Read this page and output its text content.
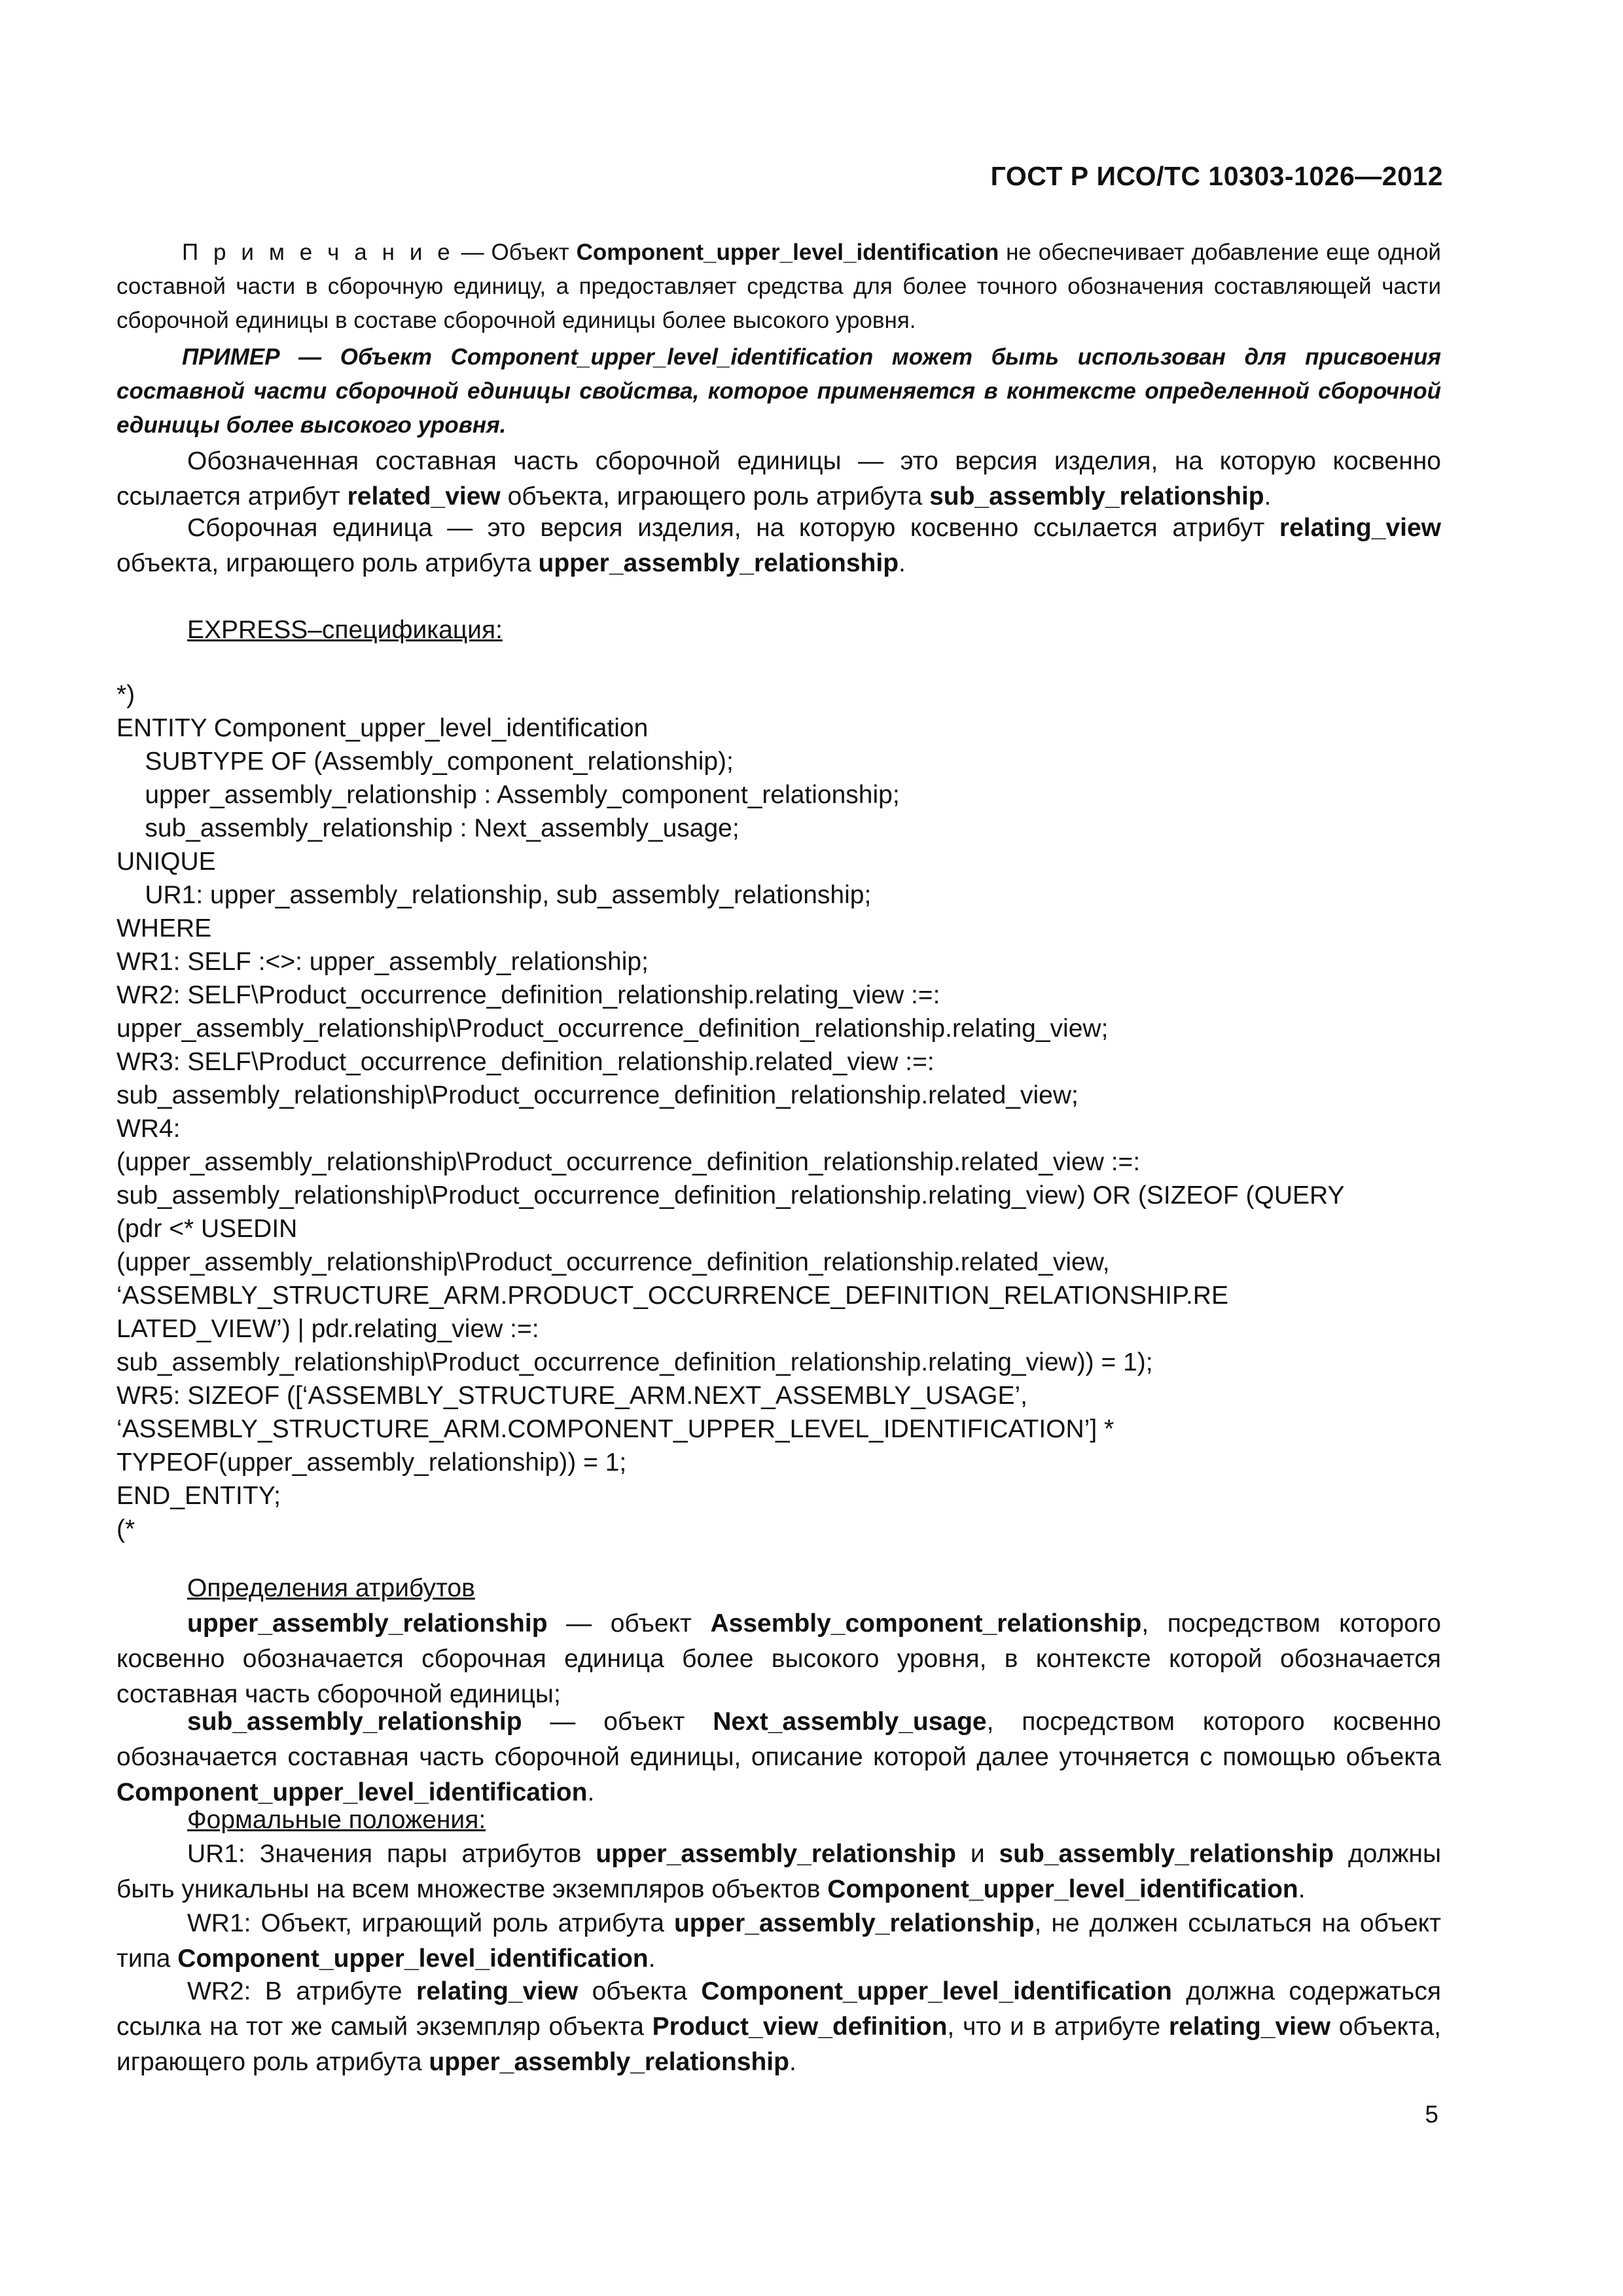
ГОСТ Р ИСО/ТС 10303-1026—2012
П р и м е ч а н и е — Объект Component_upper_level_identification не обеспечивает добавление еще одной составной части в сборочную единицу, а предоставляет средства для более точного обозначения составляющей части сборочной единицы в составе сборочной единицы более высокого уровня.
ПРИМЕР — Объект Component_upper_level_identification может быть использован для присвоения составной части сборочной единицы свойства, которое применяется в контексте определенной сборочной единицы более высокого уровня.
Обозначенная составная часть сборочной единицы — это версия изделия, на которую косвенно ссылается атрибут related_view объекта, играющего роль атрибута sub_assembly_relationship.
Сборочная единица — это версия изделия, на которую косвенно ссылается атрибут relating_view объекта, играющего роль атрибута upper_assembly_relationship.
EXPRESS–спецификация:
*)
ENTITY Component_upper_level_identification
SUBTYPE OF (Assembly_component_relationship);
upper_assembly_relationship : Assembly_component_relationship;
sub_assembly_relationship : Next_assembly_usage;
UNIQUE
UR1: upper_assembly_relationship, sub_assembly_relationship;
WHERE
WR1: SELF :<>: upper_assembly_relationship;
WR2: SELF\Product_occurrence_definition_relationship.relating_view :=:
upper_assembly_relationship\Product_occurrence_definition_relationship.relating_view;
WR3: SELF\Product_occurrence_definition_relationship.related_view :=:
sub_assembly_relationship\Product_occurrence_definition_relationship.related_view;
WR4:
(upper_assembly_relationship\Product_occurrence_definition_relationship.related_view :=:
sub_assembly_relationship\Product_occurrence_definition_relationship.relating_view) OR (SIZEOF (QUERY
(pdr <* USEDIN
(upper_assembly_relationship\Product_occurrence_definition_relationship.related_view,
‘ASSEMBLY_STRUCTURE_ARM.PRODUCT_OCCURRENCE_DEFINITION_RELATIONSHIP.RE
LATED_VIEW’) | pdr.relating_view :=:
sub_assembly_relationship\Product_occurrence_definition_relationship.relating_view)) = 1);
WR5: SIZEOF ([‘ASSEMBLY_STRUCTURE_ARM.NEXT_ASSEMBLY_USAGE’,
‘ASSEMBLY_STRUCTURE_ARM.COMPONENT_UPPER_LEVEL_IDENTIFICATION’] *
TYPEOF(upper_assembly_relationship)) = 1;
END_ENTITY;
(*
Определения атрибутов
upper_assembly_relationship — объект Assembly_component_relationship, посредством которого косвенно обозначается сборочная единица более высокого уровня, в контексте которой обозначается составная часть сборочной единицы;
sub_assembly_relationship — объект Next_assembly_usage, посредством которого косвенно обозначается составная часть сборочной единицы, описание которой далее уточняется с помощью объекта Component_upper_level_identification.
Формальные положения:
UR1: Значения пары атрибутов upper_assembly_relationship и sub_assembly_relationship должны быть уникальны на всем множестве экземпляров объектов Component_upper_level_identification.
WR1: Объект, играющий роль атрибута upper_assembly_relationship, не должен ссылаться на объект типа Component_upper_level_identification.
WR2: В атрибуте relating_view объекта Component_upper_level_identification должна содержаться ссылка на тот же самый экземпляр объекта Product_view_definition, что и в атрибуте relating_view объекта, играющего роль атрибута upper_assembly_relationship.
5
